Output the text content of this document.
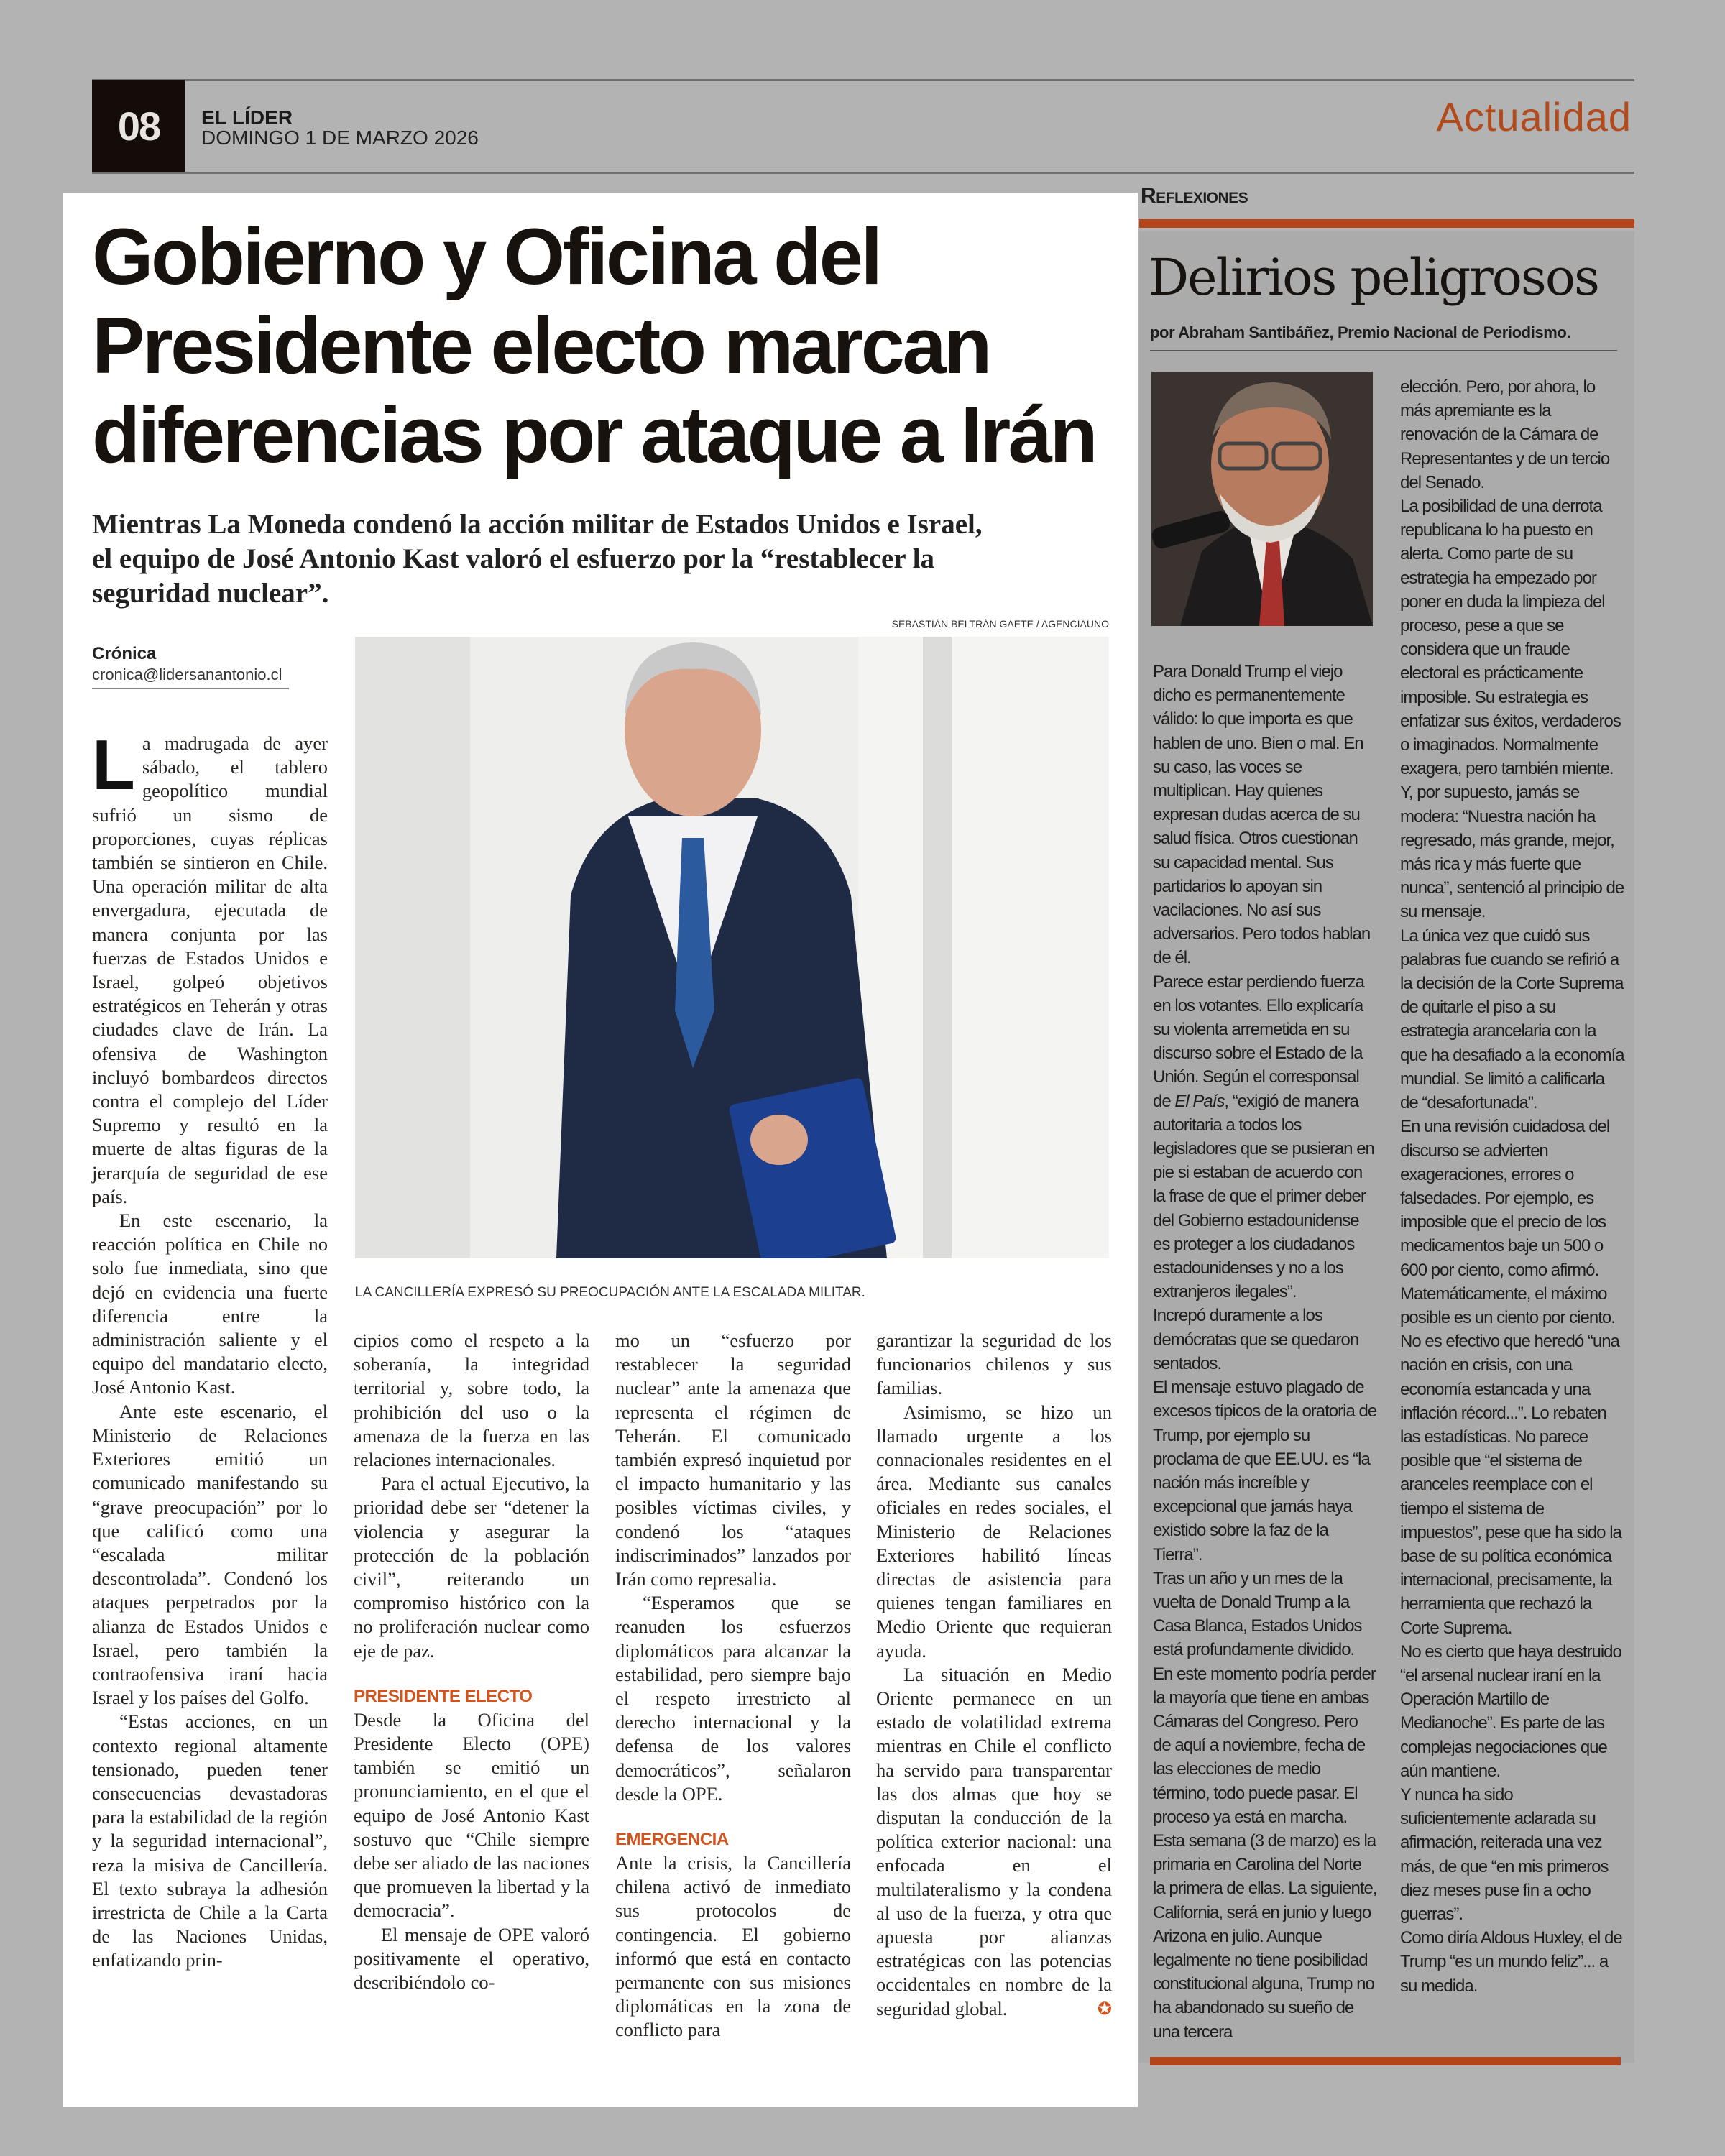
08	EL LÍDER
DOMINGO 1 DE MARZO 2026	Actualidad
Gobierno y Oficina del
Presidente electo marcan
diferencias por ataque a Irán
Mientras La Moneda condenó la acción militar de Estados Unidos e Israel,
el equipo de José Antonio Kast valoró el esfuerzo por la “restablecer la
seguridad nuclear”.
SEBASTIÁN BELTRÁN GAETE / AGENCIAUNO
Crónica
cronica@lidersanantonio.cl
LA CANCILLERÍA EXPRESÓ SU PREOCUPACIÓN ANTE LA ESCALADA MILITAR.

La madrugada de ayer sábado, el tablero geopolítico mundial sufrió un sismo de proporciones, cuyas réplicas también se sintieron en Chile. Una operación militar de alta envergadura, ejecutada de manera conjunta por las fuerzas de Estados Unidos e Israel, golpeó objetivos estratégicos en Teherán y otras ciudades clave de Irán. La ofensiva de Washington incluyó bombardeos directos contra el complejo del Líder Supremo y resultó en la muerte de altas figuras de la jerarquía de seguridad de ese país.

En este escenario, la reacción política en Chile no solo fue inmediata, sino que dejó en evidencia una fuerte diferencia entre la administración saliente y el equipo del mandatario electo, José Antonio Kast.

Ante este escenario, el Ministerio de Relaciones Exteriores emitió un comunicado manifestando su “grave preocupación” por lo que calificó como una “escalada militar descontrolada”. Condenó los ataques perpetrados por la alianza de Estados Unidos e Israel, pero también la contraofensiva iraní hacia Israel y los países del Golfo.

“Estas acciones, en un contexto regional altamente tensionado, pueden tener consecuencias devastadoras para la estabilidad de la región y la seguridad internacional”, reza la misiva de Cancillería. El texto subraya la adhesión irrestricta de Chile a la Carta de las Naciones Unidas, enfatizando prin-

cipios como el respeto a la soberanía, la integridad territorial y, sobre todo, la prohibición del uso o la amenaza de la fuerza en las relaciones internacionales.

Para el actual Ejecutivo, la prioridad debe ser “detener la violencia y asegurar la protección de la población civil”, reiterando un compromiso histórico con la no proliferación nuclear como eje de paz.

PRESIDENTE ELECTO

Desde la Oficina del Presidente Electo (OPE) también se emitió un pronunciamiento, en el que el equipo de José Antonio Kast sostuvo que “Chile siempre debe ser aliado de las naciones que promueven la libertad y la democracia”.

El mensaje de OPE valoró positivamente el operativo, describiéndolo co-

mo un “esfuerzo por restablecer la seguridad nuclear” ante la amenaza que representa el régimen de Teherán. El comunicado también expresó inquietud por el impacto humanitario y las posibles víctimas civiles, y condenó los “ataques indiscriminados” lanzados por Irán como represalia.

“Esperamos que se reanuden los esfuerzos diplomáticos para alcanzar la estabilidad, pero siempre bajo el respeto irrestricto al derecho internacional y la defensa de los valores democráticos”, señalaron desde la OPE.

EMERGENCIA

Ante la crisis, la Cancillería chilena activó de inmediato sus protocolos de contingencia. El gobierno informó que está en contacto permanente con sus misiones diplomáticas en la zona de conflicto para

garantizar la seguridad de los funcionarios chilenos y sus familias.

Asimismo, se hizo un llamado urgente a los connacionales residentes en el área. Mediante sus canales oficiales en redes sociales, el Ministerio de Relaciones Exteriores habilitó líneas directas de asistencia para quienes tengan familiares en Medio Oriente que requieran ayuda.

La situación en Medio Oriente permanece en un estado de volatilidad extrema mientras en Chile el conflicto ha servido para transparentar las dos almas que hoy se disputan la conducción de la política exterior nacional: una enfocada en el multilateralismo y la condena al uso de la fuerza, y otra que apuesta por alianzas estratégicas con las potencias occidentales en nombre de la seguridad global.	✪

Reflexiones
Delirios peligrosos
por Abraham Santibáñez, Premio Nacional de Periodismo.

Para Donald Trump el viejo dicho es permanentemente válido: lo que importa es que hablen de uno. Bien o mal. En su caso, las voces se multiplican. Hay quienes expresan dudas acerca de su salud física. Otros cuestionan su capacidad mental. Sus partidarios lo apoyan sin vacilaciones. No así sus adversarios. Pero todos hablan de él.

Parece estar perdiendo fuerza en los votantes. Ello explicaría su violenta arremetida en su discurso sobre el Estado de la Unión. Según el corresponsal de El País, “exigió de manera autoritaria a todos los legisladores que se pusieran en pie si estaban de acuerdo con la frase de que el primer deber del Gobierno estadounidense es proteger a los ciudadanos estadounidenses y no a los extranjeros ilegales”.

Increpó duramente a los demócratas que se quedaron sentados.

El mensaje estuvo plagado de excesos típicos de la oratoria de Trump, por ejemplo su proclama de que EE.UU. es “la nación más increíble y excepcional que jamás haya existido sobre la faz de la Tierra”.

Tras un año y un mes de la vuelta de Donald Trump a la Casa Blanca, Estados Unidos está profundamente dividido. En este momento podría perder la mayoría que tiene en ambas Cámaras del Congreso. Pero de aquí a noviembre, fecha de las elecciones de medio término, todo puede pasar. El proceso ya está en marcha.

Esta semana (3 de marzo) es la primaria en Carolina del Norte la primera de ellas. La siguiente, California, será en junio y luego Arizona en julio. Aunque legalmente no tiene posibilidad constitucional alguna, Trump no ha abandonado su sueño de una tercera

elección. Pero, por ahora, lo más apremiante es la renovación de la Cámara de Representantes y de un tercio del Senado.

La posibilidad de una derrota republicana lo ha puesto en alerta. Como parte de su estrategia ha empezado por poner en duda la limpieza del proceso, pese a que se considera que un fraude electoral es prácticamente imposible. Su estrategia es enfatizar sus éxitos, verdaderos o imaginados. Normalmente exagera, pero también miente. Y, por supuesto, jamás se modera: “Nuestra nación ha regresado, más grande, mejor, más rica y más fuerte que nunca”, sentenció al principio de su mensaje.

La única vez que cuidó sus palabras fue cuando se refirió a la decisión de la Corte Suprema de quitarle el piso a su estrategia arancelaria con la que ha desafiado a la economía mundial. Se limitó a calificarla de “desafortunada”.

En una revisión cuidadosa del discurso se advierten exageraciones, errores o falsedades. Por ejemplo, es imposible que el precio de los medicamentos baje un 500 o 600 por ciento, como afirmó. Matemáticamente, el máximo posible es un ciento por ciento.

No es efectivo que heredó “una nación en crisis, con una economía estancada y una inflación récord...”. Lo rebaten las estadísticas. No parece posible que “el sistema de aranceles reemplace con el tiempo el sistema de impuestos”, pese que ha sido la base de su política económica internacional, precisamente, la herramienta que rechazó la Corte Suprema.

No es cierto que haya destruido “el arsenal nuclear iraní en la Operación Martillo de Medianoche”. Es parte de las complejas negociaciones que aún mantiene.

Y nunca ha sido suficientemente aclarada su afirmación, reiterada una vez más, de que “en mis primeros diez meses puse fin a ocho guerras”.

Como diría Aldous Huxley, el de Trump “es un mundo feliz”... a su medida.
